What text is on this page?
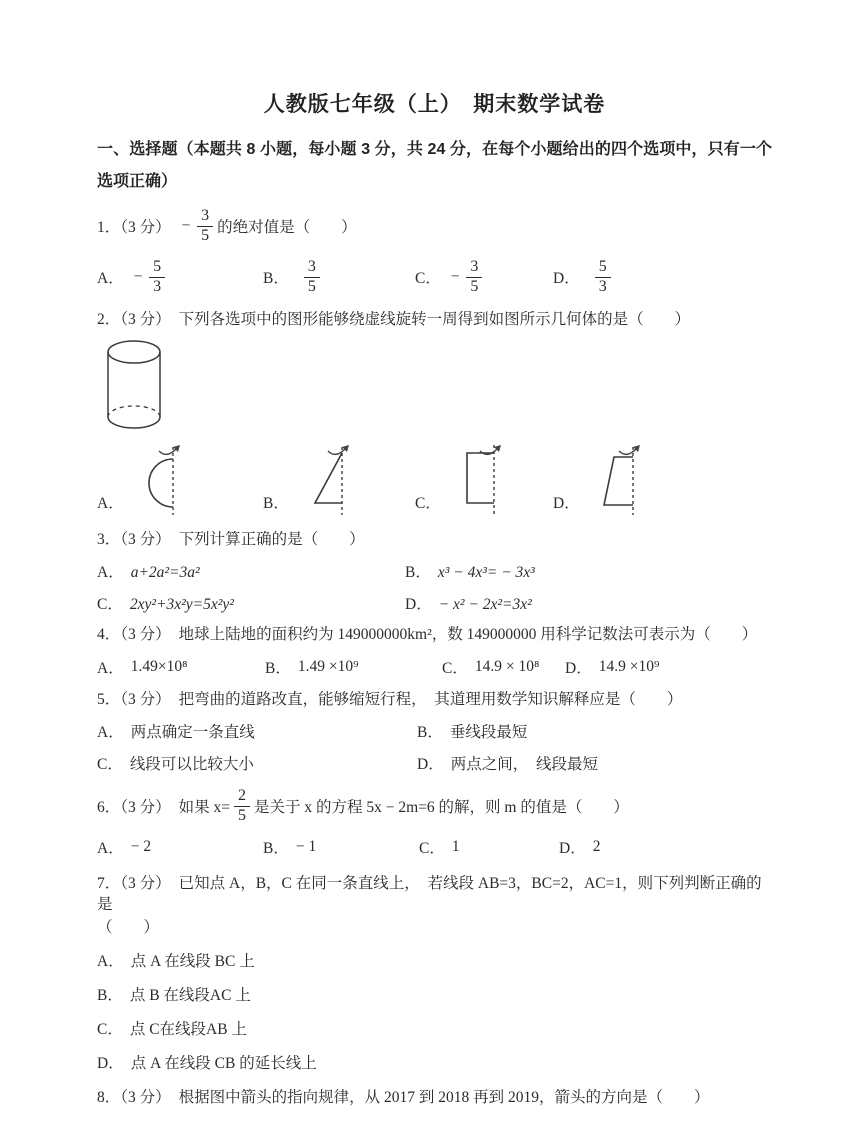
人教版七年级（上）　期末数学试卷

一、选择题（本题共 8 小题，每小题 3 分，共 24 分，在每个小题给出的四个选项中，只有一个选项正确）

1．（3 分） − $\frac{3}{5}$ 的绝对值是（　　）
A． − $\frac{5}{3}$	B． $\frac{3}{5}$	C． − $\frac{3}{5}$	D． $\frac{5}{3}$
2．（3 分） 下列各选项中的图形能够绕虚线旋转一周得到如图所示几何体的是（　　）
A．	B．	C．	D．
3．（3 分） 下列计算正确的是（　　）
A． a+2a²=3a²	B． x³ − 4x³= − 3x³
C． 2xy²+3x²y=5x²y²	D． − x² − 2x²=3x²
4．（3 分） 地球上陆地的面积约为 149000000km²，数 149000000 用科学记数法可表示为（　　）
A． 1.49×10⁸	B． 1.49 ×10⁹	C． 14.9 × 10⁸ D． 14.9 ×10⁹
5．（3 分） 把弯曲的道路改直，能够缩短行程，　其道理用数学知识解释应是（　　）
A． 两点确定一条直线	B． 垂线段最短
C． 线段可以比较大小	D． 两点之间，　线段最短
6．（3 分） 如果 $x= \frac{2}{5}$ 是关于 x 的方程 5x − 2m=6 的解，则 m 的值是（　　）
A． − 2	B． − 1	C． 1	D． 2
7．（3 分） 已知点 A，B，C 在同一条直线上，　若线段 AB=3，BC=2，AC=1，则下列判断正确的是
（　　）
A． 点 A 在线段 BC 上
B． 点 B 在线段AC 上
C． 点 C在线段AB 上
D． 点 A 在线段 CB 的延长线上
8．（3 分） 根据图中箭头的指向规律，从 2017 到 2018 再到 2019，箭头的方向是（　　）
